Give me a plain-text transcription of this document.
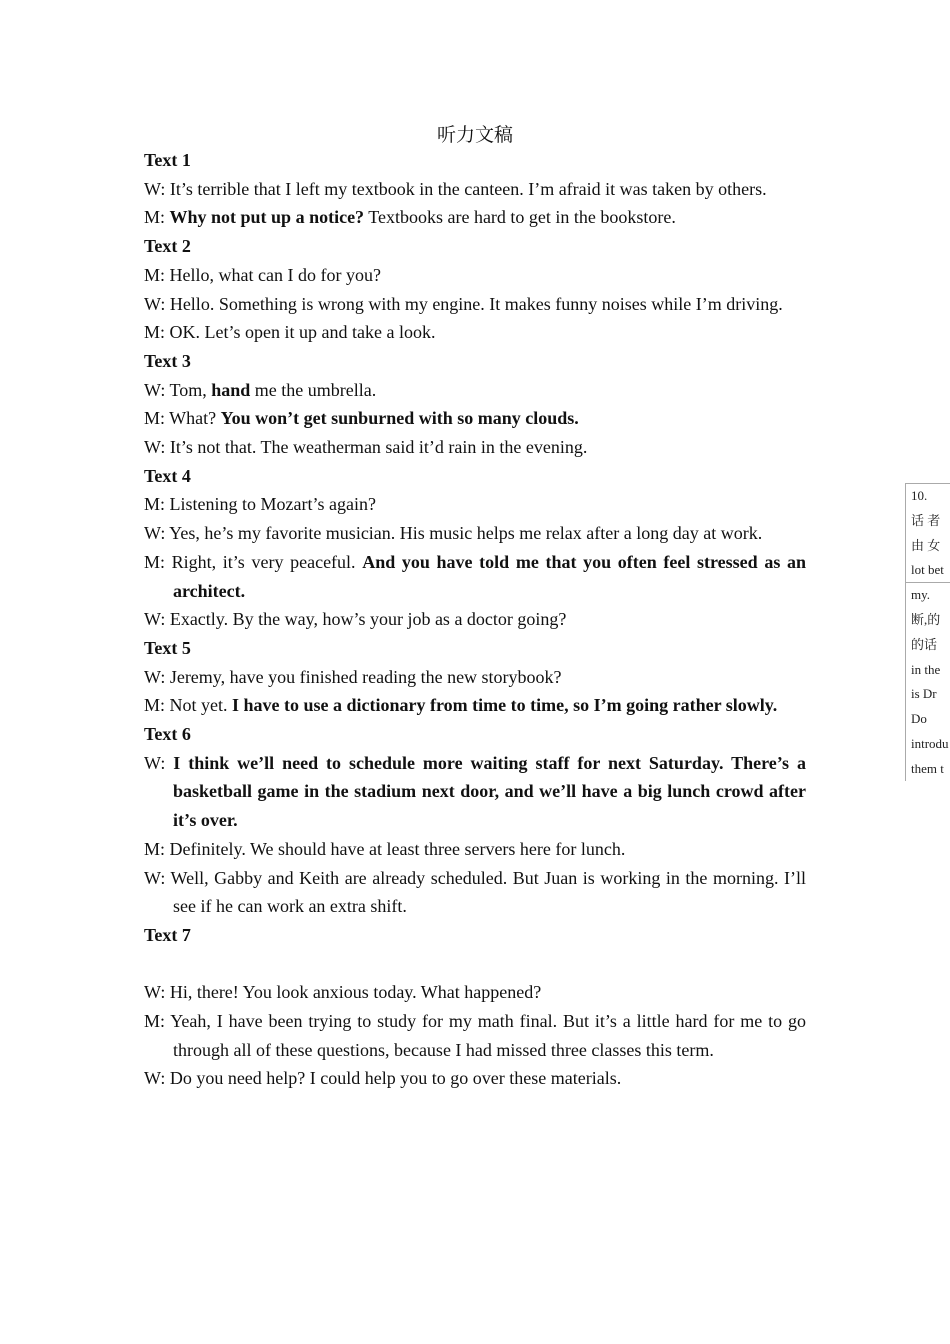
听力文稿
Text 1
W: It’s terrible that I left my textbook in the canteen. I’m afraid it was taken by others.
M: Why not put up a notice? Textbooks are hard to get in the bookstore.
Text 2
M: Hello, what can I do for you?
W: Hello. Something is wrong with my engine. It makes funny noises while I’m driving.
M: OK. Let’s open it up and take a look.
Text 3
W: Tom, hand me the umbrella.
M: What? You won’t get sunburned with so many clouds.
W: It’s not that. The weatherman said it’d rain in the evening.
Text 4
M: Listening to Mozart’s again?
W: Yes, he’s my favorite musician. His music helps me relax after a long day at work.
M: Right, it’s very peaceful. And you have told me that you often feel stressed as an architect.
W: Exactly. By the way, how’s your job as a doctor going?
Text 5
W: Jeremy, have you finished reading the new storybook?
M: Not yet. I have to use a dictionary from time to time, so I’m going rather slowly.
Text 6
W: I think we’ll need to schedule more waiting staff for next Saturday. There’s a basketball game in the stadium next door, and we’ll have a big lunch crowd after it’s over.
M: Definitely. We should have at least three servers here for lunch.
W: Well, Gabby and Keith are already scheduled. But Juan is working in the morning. I’ll see if he can work an extra shift.
Text 7
W: Hi, there! You look anxious today. What happened?
M: Yeah, I have been trying to study for my math final. But it’s a little hard for me to go through all of these questions, because I had missed three classes this term.
W: Do you need help? I could help you to go over these materials.
10.
话 者
由 女
lot bet
my.
断,的
的话
in the
is Dr
Do
introdu
them t
